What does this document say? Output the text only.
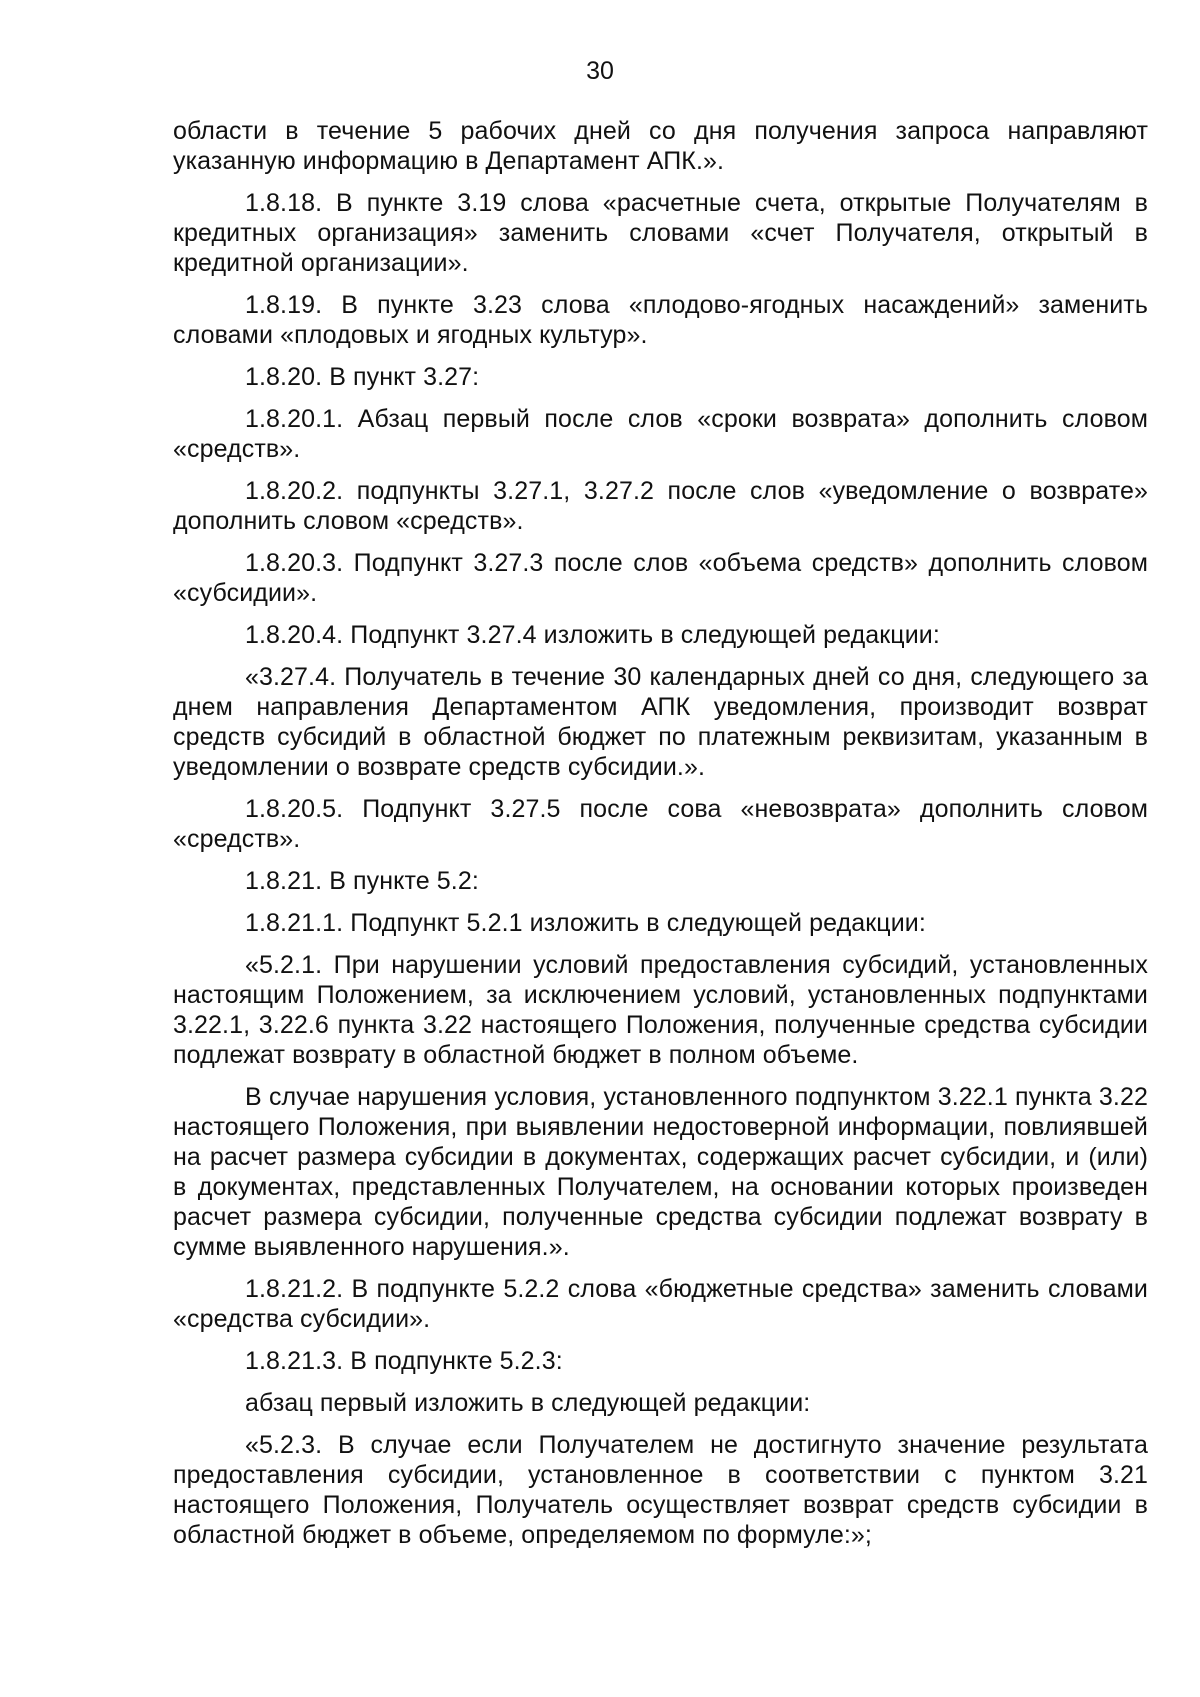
30

области в течение 5 рабочих дней со дня получения запроса направляют указанную информацию в Департамент АПК.».

1.8.18. В пункте 3.19 слова «расчетные счета, открытые Получателям в кредитных организация» заменить словами «счет Получателя, открытый в кредитной организации».

1.8.19. В пункте 3.23 слова «плодово-ягодных насаждений» заменить словами «плодовых и ягодных культур».

1.8.20. В пункт 3.27:

1.8.20.1. Абзац первый после слов «сроки возврата» дополнить словом «средств».

1.8.20.2. подпункты 3.27.1, 3.27.2 после слов «уведомление о возврате» дополнить словом «средств».

1.8.20.3. Подпункт 3.27.3 после слов «объема средств» дополнить словом «субсидии».

1.8.20.4. Подпункт 3.27.4 изложить в следующей редакции:

«3.27.4. Получатель в течение 30 календарных дней со дня, следующего за днем направления Департаментом АПК уведомления, производит возврат средств субсидий в областной бюджет по платежным реквизитам, указанным в уведомлении о возврате средств субсидии.».

1.8.20.5. Подпункт 3.27.5 после сова «невозврата» дополнить словом «средств».

1.8.21. В пункте 5.2:

1.8.21.1. Подпункт 5.2.1 изложить в следующей редакции:

«5.2.1. При нарушении условий предоставления субсидий, установленных настоящим Положением, за исключением условий, установленных подпунктами 3.22.1, 3.22.6 пункта 3.22 настоящего Положения, полученные средства субсидии подлежат возврату в областной бюджет в полном объеме.

В случае нарушения условия, установленного подпунктом 3.22.1 пункта 3.22 настоящего Положения, при выявлении недостоверной информации, повлиявшей на расчет размера субсидии в документах, содержащих расчет субсидии, и (или) в документах, представленных Получателем, на основании которых произведен расчет размера субсидии, полученные средства субсидии подлежат возврату в сумме выявленного нарушения.».

1.8.21.2. В подпункте 5.2.2 слова «бюджетные средства» заменить словами «средства субсидии».

1.8.21.3. В подпункте 5.2.3:

абзац первый изложить в следующей редакции:

«5.2.3. В случае если Получателем не достигнуто значение результата предоставления субсидии, установленное в соответствии с пунктом 3.21 настоящего Положения, Получатель осуществляет возврат средств субсидии в областной бюджет в объеме, определяемом по формуле:»;
